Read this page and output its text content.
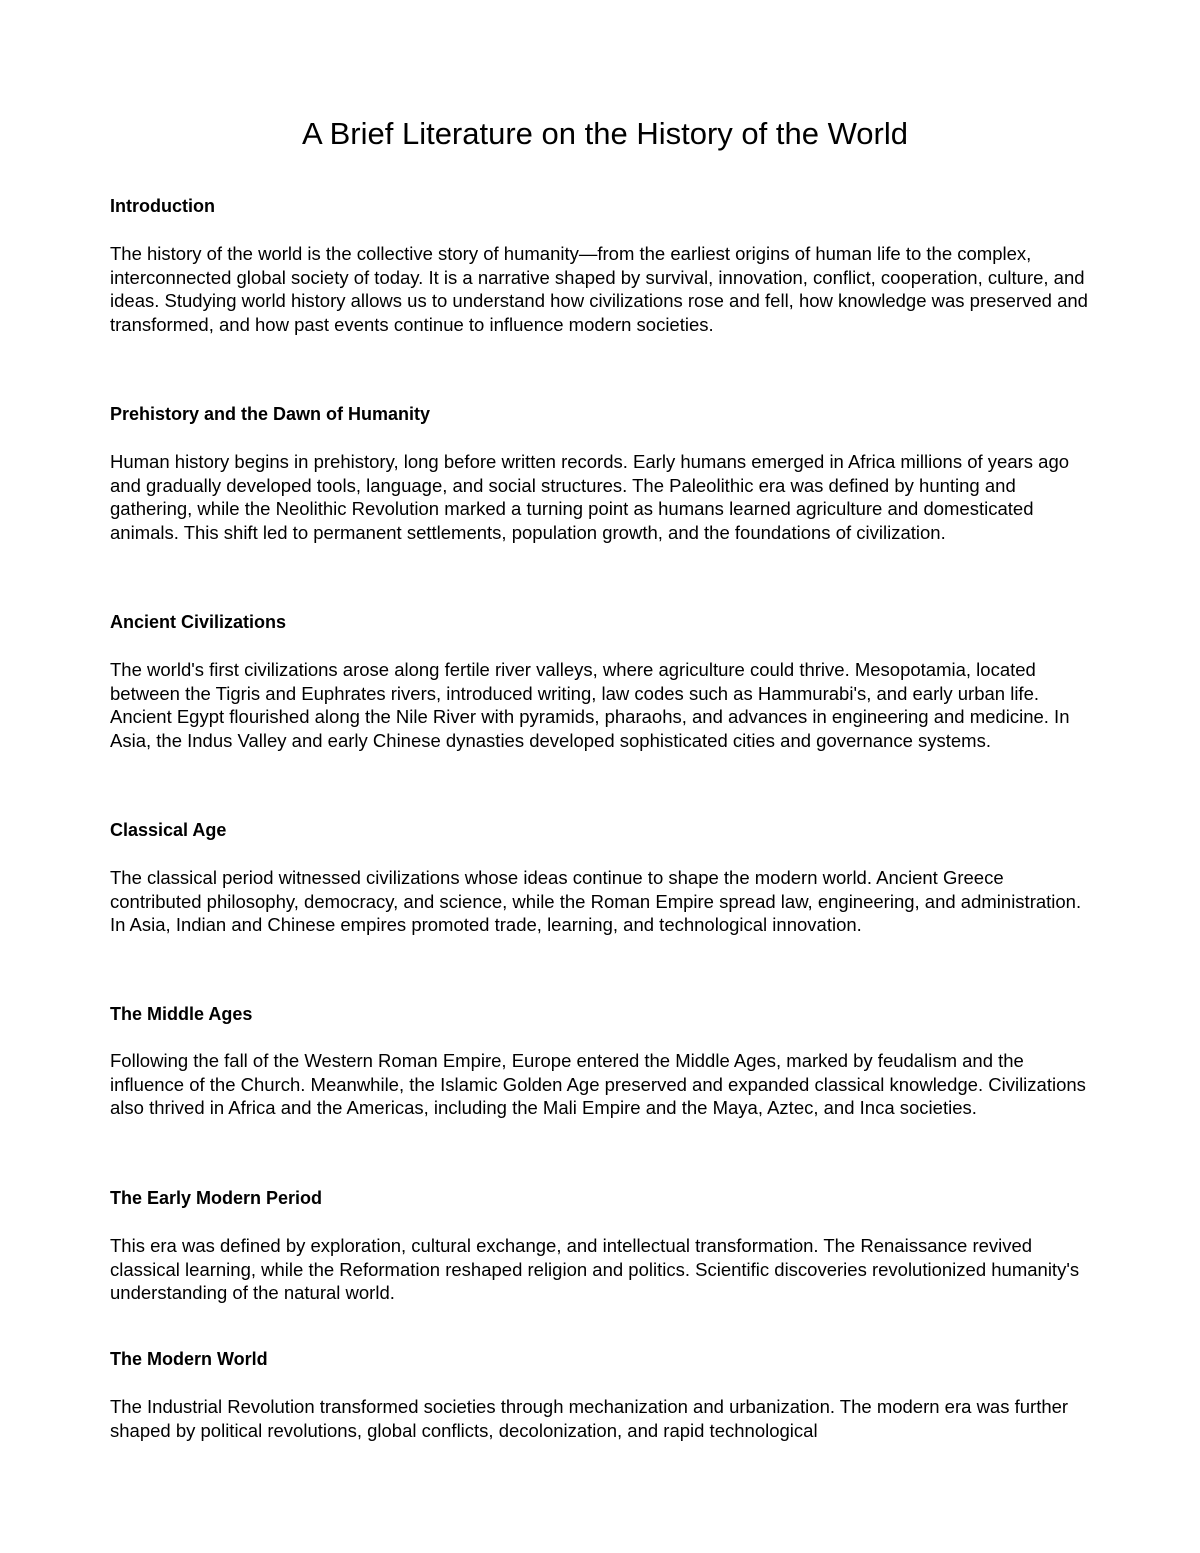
A Brief Literature on the History of the World
Introduction

The history of the world is the collective story of humanity—from the earliest origins of human life to the complex, interconnected global society of today. It is a narrative shaped by survival, innovation, conflict, cooperation, culture, and ideas. Studying world history allows us to understand how civilizations rose and fell, how knowledge was preserved and transformed, and how past events continue to influence modern societies.

Prehistory and the Dawn of Humanity

Human history begins in prehistory, long before written records. Early humans emerged in Africa millions of years ago and gradually developed tools, language, and social structures. The Paleolithic era was defined by hunting and gathering, while the Neolithic Revolution marked a turning point as humans learned agriculture and domesticated animals. This shift led to permanent settlements, population growth, and the foundations of civilization.

Ancient Civilizations

The world's first civilizations arose along fertile river valleys, where agriculture could thrive. Mesopotamia, located between the Tigris and Euphrates rivers, introduced writing, law codes such as Hammurabi's, and early urban life. Ancient Egypt flourished along the Nile River with pyramids, pharaohs, and advances in engineering and medicine. In Asia, the Indus Valley and early Chinese dynasties developed sophisticated cities and governance systems.

Classical Age

The classical period witnessed civilizations whose ideas continue to shape the modern world. Ancient Greece contributed philosophy, democracy, and science, while the Roman Empire spread law, engineering, and administration. In Asia, Indian and Chinese empires promoted trade, learning, and technological innovation.

The Middle Ages

Following the fall of the Western Roman Empire, Europe entered the Middle Ages, marked by feudalism and the influence of the Church. Meanwhile, the Islamic Golden Age preserved and expanded classical knowledge. Civilizations also thrived in Africa and the Americas, including the Mali Empire and the Maya, Aztec, and Inca societies.

The Early Modern Period

This era was defined by exploration, cultural exchange, and intellectual transformation. The Renaissance revived classical learning, while the Reformation reshaped religion and politics. Scientific discoveries revolutionized humanity's understanding of the natural world.

The Modern World

The Industrial Revolution transformed societies through mechanization and urbanization. The modern era was further shaped by political revolutions, global conflicts, decolonization, and rapid technological
